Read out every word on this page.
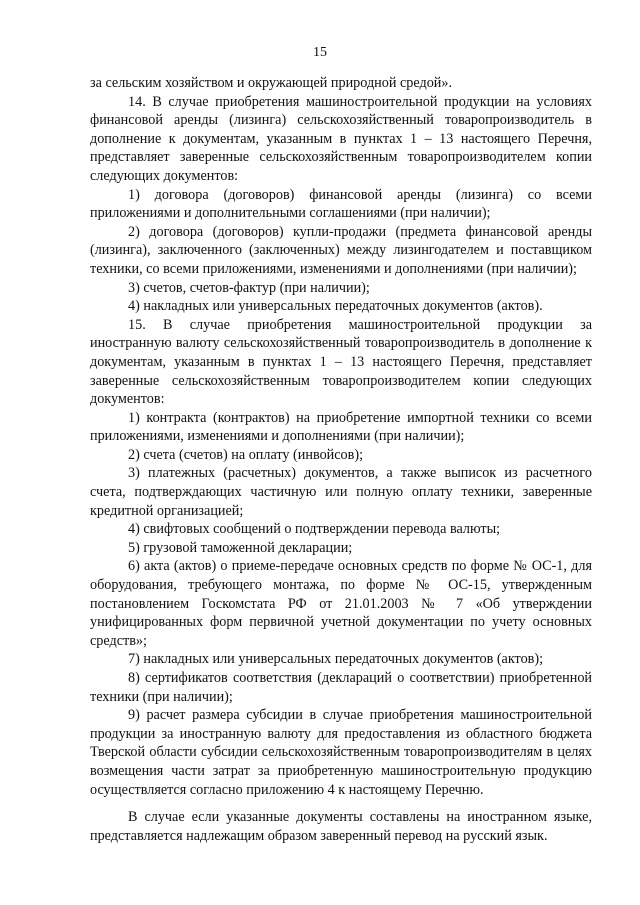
15

за сельским хозяйством и окружающей природной средой».

14. В случае приобретения машиностроительной продукции на условиях финансовой аренды (лизинга) сельскохозяйственный товаропроизводитель в дополнение к документам, указанным в пунктах 1 – 13 настоящего Перечня, представляет заверенные сельскохозяйственным товаропроизводителем копии следующих документов:

1) договора (договоров) финансовой аренды (лизинга) со всеми приложениями и дополнительными соглашениями (при наличии);

2) договора (договоров) купли-продажи (предмета финансовой аренды (лизинга), заключенного (заключенных) между лизингодателем и поставщиком техники, со всеми приложениями, изменениями и дополнениями (при наличии);

3) счетов, счетов-фактур (при наличии);

4) накладных или универсальных передаточных документов (актов).

15. В случае приобретения машиностроительной продукции за иностранную валюту сельскохозяйственный товаропроизводитель в дополнение к документам, указанным в пунктах 1 – 13 настоящего Перечня, представляет заверенные сельскохозяйственным товаропроизводителем копии следующих документов:

1) контракта (контрактов) на приобретение импортной техники со всеми приложениями, изменениями и дополнениями (при наличии);

2) счета (счетов) на оплату (инвойсов);

3) платежных (расчетных) документов, а также выписок из расчетного счета, подтверждающих частичную или полную оплату техники, заверенные кредитной организацией;

4) свифтовых сообщений о подтверждении перевода валюты;

5) грузовой таможенной декларации;

6) акта (актов) о приеме-передаче основных средств по форме № ОС-1, для оборудования, требующего монтажа, по форме № ОС-15, утвержденным постановлением Госкомстата РФ от 21.01.2003 № 7 «Об утверждении унифицированных форм первичной учетной документации по учету основных средств»;

7) накладных или универсальных передаточных документов (актов);

8) сертификатов соответствия (деклараций о соответствии) приобретенной техники (при наличии);

9) расчет размера субсидии в случае приобретения машиностроительной продукции за иностранную валюту для предоставления из областного бюджета Тверской области субсидии сельскохозяйственным товаропроизводителям в целях возмещения части затрат за приобретенную машиностроительную продукцию осуществляется согласно приложению 4 к настоящему Перечню.

В случае если указанные документы составлены на иностранном языке, представляется надлежащим образом заверенный перевод на русский язык.
